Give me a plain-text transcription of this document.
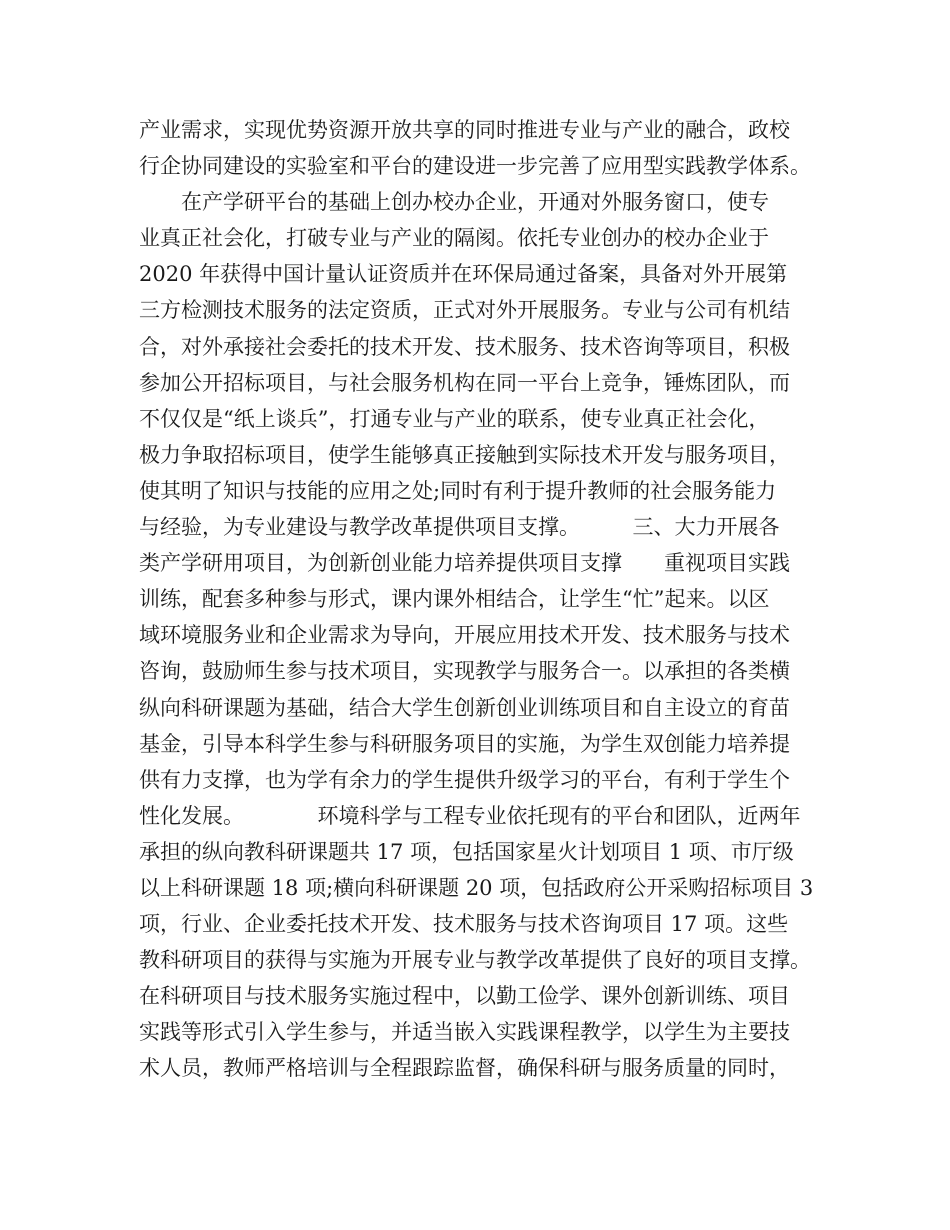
产业需求，实现优势资源开放共享的同时推进专业与产业的融合，政校
行企协同建设的实验室和平台的建设进一步完善了应用型实践教学体系。
　　在产学研平台的基础上创办校办企业，开通对外服务窗口，使专
业真正社会化，打破专业与产业的隔阂。依托专业创办的校办企业于
2020 年获得中国计量认证资质并在环保局通过备案，具备对外开展第
三方检测技术服务的法定资质，正式对外开展服务。专业与公司有机结
合，对外承接社会委托的技术开发、技术服务、技术咨询等项目，积极
参加公开招标项目，与社会服务机构在同一平台上竞争，锤炼团队，而
不仅仅是“纸上谈兵”，打通专业与产业的联系，使专业真正社会化，
极力争取招标项目，使学生能够真正接触到实际技术开发与服务项目，
使其明了知识与技能的应用之处;同时有利于提升教师的社会服务能力
与经验，为专业建设与教学改革提供项目支撑。　　　三、大力开展各
类产学研用项目，为创新创业能力培养提供项目支撑　　重视项目实践
训练，配套多种参与形式，课内课外相结合，让学生“忙”起来。以区
域环境服务业和企业需求为导向，开展应用技术开发、技术服务与技术
咨询，鼓励师生参与技术项目，实现教学与服务合一。以承担的各类横
纵向科研课题为基础，结合大学生创新创业训练项目和自主设立的育苗
基金，引导本科学生参与科研服务项目的实施，为学生双创能力培养提
供有力支撑，也为学有余力的学生提供升级学习的平台，有利于学生个
性化发展。　　　　环境科学与工程专业依托现有的平台和团队，近两年
承担的纵向教科研课题共 17 项，包括国家星火计划项目 1 项、市厅级
以上科研课题 18 项;横向科研课题 20 项，包括政府公开采购招标项目 3
项，行业、企业委托技术开发、技术服务与技术咨询项目 17 项。这些
教科研项目的获得与实施为开展专业与教学改革提供了良好的项目支撑。
在科研项目与技术服务实施过程中，以勤工俭学、课外创新训练、项目
实践等形式引入学生参与，并适当嵌入实践课程教学，以学生为主要技
术人员，教师严格培训与全程跟踪监督，确保科研与服务质量的同时，
